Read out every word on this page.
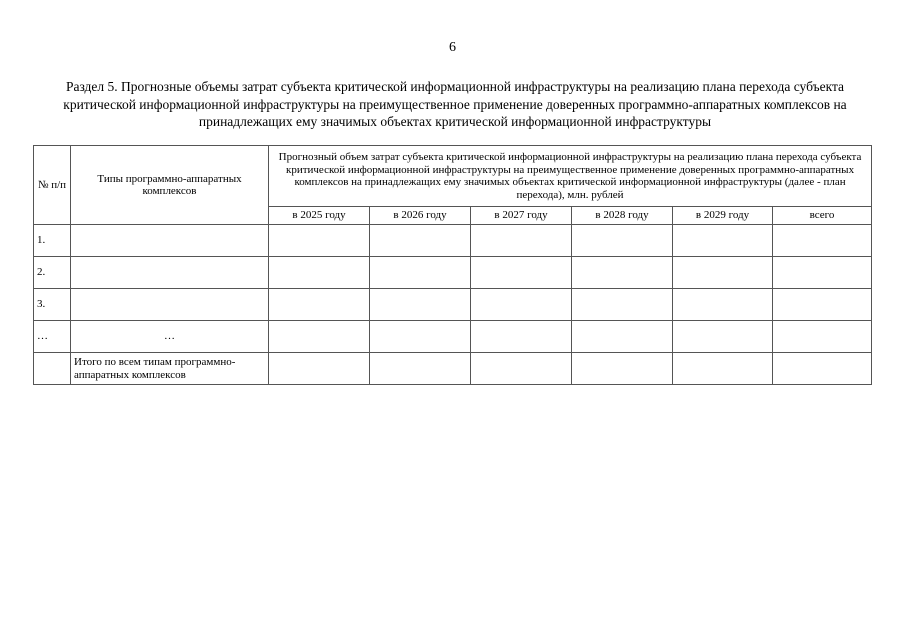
6
Раздел 5. Прогнозные объемы затрат субъекта критической информационной инфраструктуры на реализацию плана перехода субъекта критической информационной инфраструктуры на преимущественное применение доверенных программно-аппаратных комплексов на принадлежащих ему значимых объектах критической информационной инфраструктуры
№ п/п	Типы программно-аппаратных комплексов	Прогнозный объем затрат субъекта критической информационной инфраструктуры на реализацию плана перехода субъекта критической информационной инфраструктуры на преимущественное применение доверенных программно-аппаратных комплексов на принадлежащих ему значимых объектах критической информационной инфраструктуры (далее - план перехода), млн. рублей					
		в 2025 году	в 2026 году	в 2027 году	в 2028 году	в 2029 году	всего
1.							
2.							
3.							
…	…						
	Итого по всем типам программно-аппаратных комплексов						
